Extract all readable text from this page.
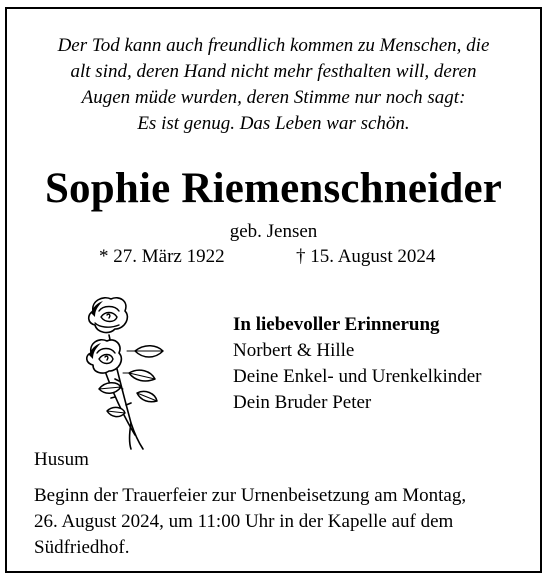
Der Tod kann auch freundlich kommen zu Menschen, die
alt sind, deren Hand nicht mehr festhalten will, deren
Augen müde wurden, deren Stimme nur noch sagt:
Es ist genug. Das Leben war schön.
Sophie Riemenschneider
geb. Jensen
* 27. März 1922	† 15. August 2024
In liebevoller Erinnerung
Norbert & Hille
Deine Enkel- und Urenkelkinder
Dein Bruder Peter
Husum
Beginn der Trauerfeier zur Urnenbeisetzung am Montag,
26. August 2024, um 11:00 Uhr in der Kapelle auf dem
Südfriedhof.
